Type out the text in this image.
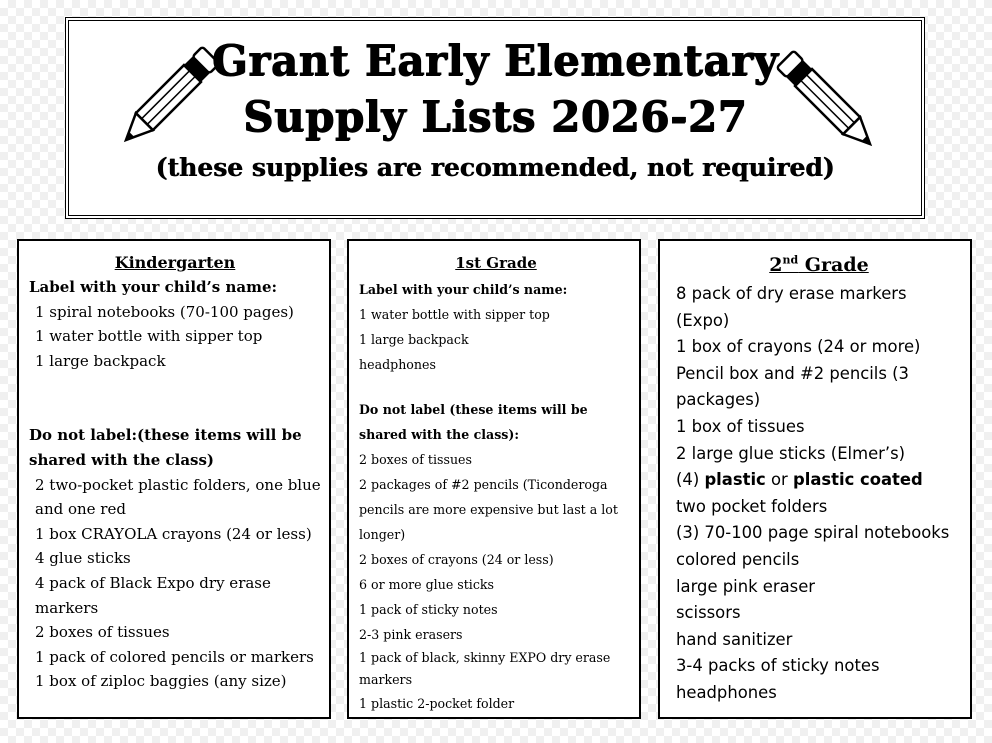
Grant Early Elementary
Supply Lists 2026-27
(these supplies are recommended, not required)
Kindergarten
Label with your child’s name:
1 spiral notebooks (70-100 pages)
1 water bottle with sipper top
1 large backpack
Do not label:(these items will be shared with the class)
2 two-pocket plastic folders, one blue and one red
1 box CRAYOLA crayons (24 or less)
4 glue sticks
4 pack of Black Expo dry erase markers
2 boxes of tissues
1 pack of colored pencils or markers
1 box of ziploc baggies (any size)
1st Grade
Label with your child’s name:
1 water bottle with sipper top
1 large backpack
headphones
Do not label (these items will be shared with the class):
2 boxes of tissues
2 packages of #2 pencils (Ticonderoga pencils are more expensive but last a lot longer)
2 boxes of crayons (24 or less)
6 or more glue sticks
1 pack of sticky notes
2-3 pink erasers
1 pack of black, skinny EXPO dry erase markers
1 plastic 2-pocket folder
2nd Grade
8 pack of dry erase markers (Expo)
1 box of crayons (24 or more)
Pencil box and #2 pencils (3 packages)
1 box of tissues
2 large glue sticks (Elmer’s)
(4) plastic or plastic coated  two pocket folders
(3) 70-100 page spiral notebooks
colored pencils
large pink eraser
scissors
hand sanitizer
3-4 packs of sticky notes
headphones
